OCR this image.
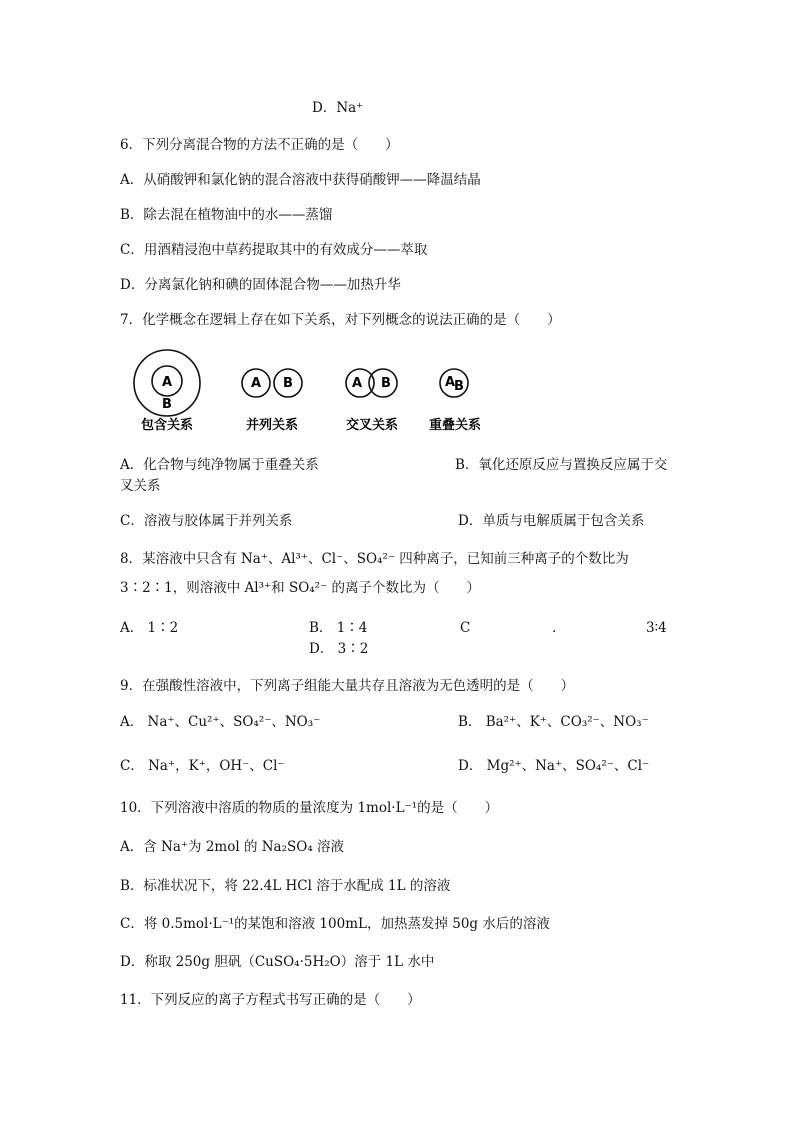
D．Na⁺
6．下列分离混合物的方法不正确的是（　　）
A．从硝酸钾和氯化钠的混合溶液中获得硝酸钾——降温结晶
B．除去混在植物油中的水——蒸馏
C．用酒精浸泡中草药提取其中的有效成分——萃取
D．分离氯化钠和碘的固体混合物——加热升华
7．化学概念在逻辑上存在如下关系，对下列概念的说法正确的是（　　）
A
B
包含关系
A B
并列关系
A B
交叉关系
A B
重叠关系
A．化合物与纯净物属于重叠关系	B．氧化还原反应与置换反应属于交
叉关系
C．溶液与胶体属于并列关系	D．单质与电解质属于包含关系
8．某溶液中只含有 Na⁺、Al³⁺、Cl⁻、SO₄²⁻ 四种离子，已知前三种离子的个数比为
3∶2∶1，则溶液中 Al³⁺和 SO₄²⁻ 的离子个数比为（　　）
A． 1∶2	B． 1∶4	C	.	3∶4
D． 3∶2
9．在强酸性溶液中，下列离子组能大量共存且溶液为无色透明的是（　　）
A． Na⁺、Cu²⁺、SO₄²⁻、NO₃⁻	B． Ba²⁺、K⁺、CO₃²⁻、NO₃⁻
C． Na⁺，K⁺，OH⁻、Cl⁻	D． Mg²⁺、Na⁺、SO₄²⁻、Cl⁻
10．下列溶液中溶质的物质的量浓度为 1mol·L⁻¹的是（　　）
A．含 Na⁺为 2mol 的 Na₂SO₄ 溶液
B．标准状况下，将 22.4L HCl 溶于水配成 1L 的溶液
C．将 0.5mol·L⁻¹的某饱和溶液 100mL，加热蒸发掉 50g 水后的溶液
D．称取 250g 胆矾（CuSO₄·5H₂O）溶于 1L 水中
11．下列反应的离子方程式书写正确的是（　　）
